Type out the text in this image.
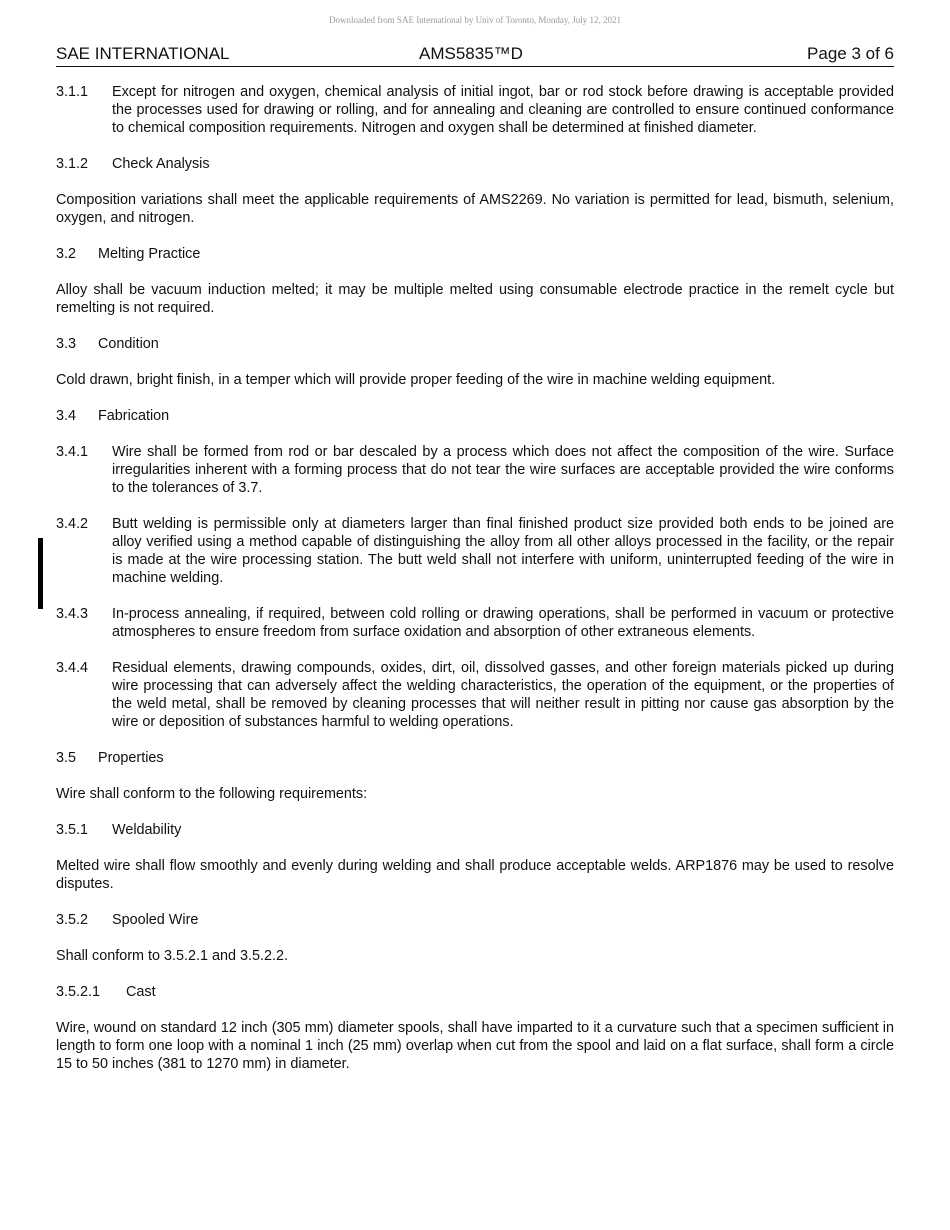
Downloaded from SAE International by Univ of Toronto, Monday, July 12, 2021
SAE INTERNATIONAL	AMS5835™D	Page 3 of 6
3.1.1 Except for nitrogen and oxygen, chemical analysis of initial ingot, bar or rod stock before drawing is acceptable provided the processes used for drawing or rolling, and for annealing and cleaning are controlled to ensure continued conformance to chemical composition requirements. Nitrogen and oxygen shall be determined at finished diameter.
3.1.2 Check Analysis

Composition variations shall meet the applicable requirements of AMS2269. No variation is permitted for lead, bismuth, selenium, oxygen, and nitrogen.

3.2 Melting Practice

Alloy shall be vacuum induction melted; it may be multiple melted using consumable electrode practice in the remelt cycle but remelting is not required.

3.3 Condition

Cold drawn, bright finish, in a temper which will provide proper feeding of the wire in machine welding equipment.

3.4 Fabrication
3.4.1 Wire shall be formed from rod or bar descaled by a process which does not affect the composition of the wire. Surface irregularities inherent with a forming process that do not tear the wire surfaces are acceptable provided the wire conforms to the tolerances of 3.7.
3.4.2 Butt welding is permissible only at diameters larger than final finished product size provided both ends to be joined are alloy verified using a method capable of distinguishing the alloy from all other alloys processed in the facility, or the repair is made at the wire processing station. The butt weld shall not interfere with uniform, uninterrupted feeding of the wire in machine welding.
3.4.3 In-process annealing, if required, between cold rolling or drawing operations, shall be performed in vacuum or protective atmospheres to ensure freedom from surface oxidation and absorption of other extraneous elements.
3.4.4 Residual elements, drawing compounds, oxides, dirt, oil, dissolved gasses, and other foreign materials picked up during wire processing that can adversely affect the welding characteristics, the operation of the equipment, or the properties of the weld metal, shall be removed by cleaning processes that will neither result in pitting nor cause gas absorption by the wire or deposition of substances harmful to welding operations.
3.5 Properties

Wire shall conform to the following requirements:

3.5.1 Weldability

Melted wire shall flow smoothly and evenly during welding and shall produce acceptable welds. ARP1876 may be used to resolve disputes.

3.5.2 Spooled Wire

Shall conform to 3.5.2.1 and 3.5.2.2.

3.5.2.1 Cast

Wire, wound on standard 12 inch (305 mm) diameter spools, shall have imparted to it a curvature such that a specimen sufficient in length to form one loop with a nominal 1 inch (25 mm) overlap when cut from the spool and laid on a flat surface, shall form a circle 15 to 50 inches (381 to 1270 mm) in diameter.
